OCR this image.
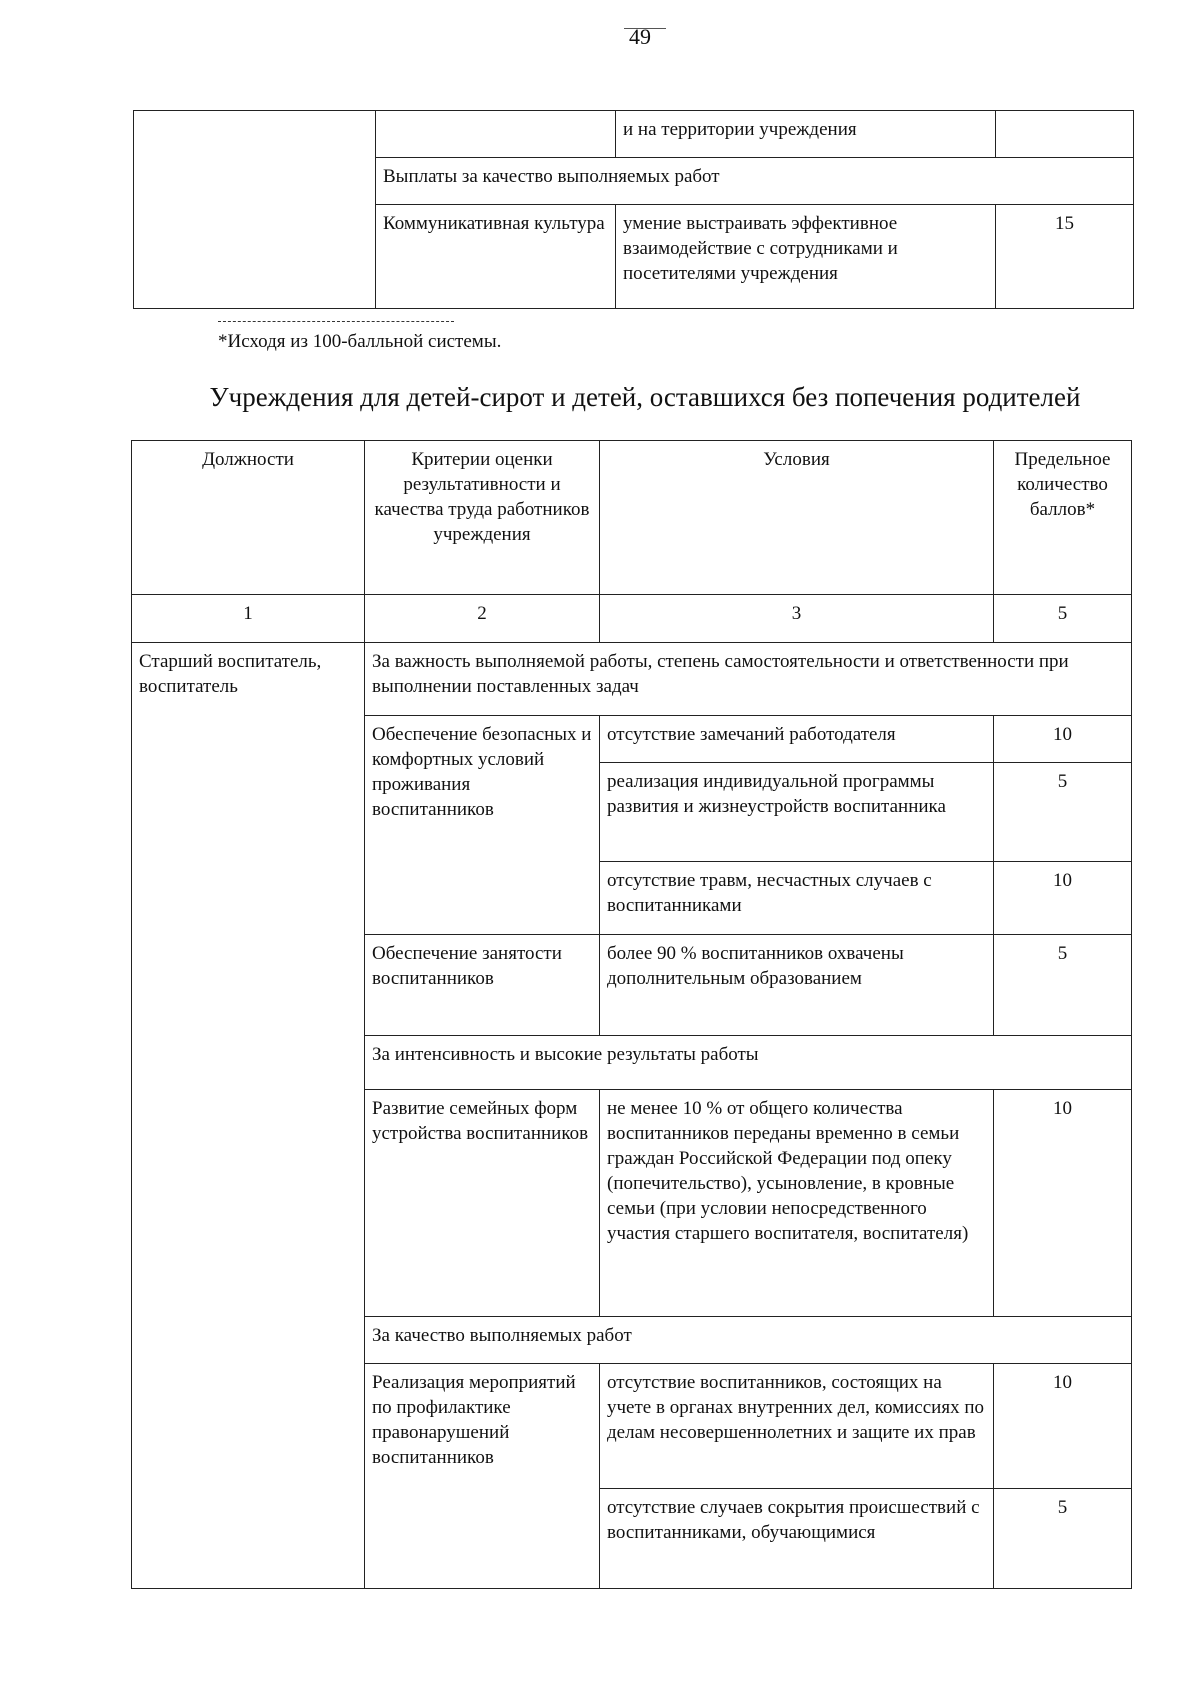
49
		и на территории учреждения	
	Выплаты за качество выполняемых работ		
	Коммуникативная культура	умение выстраивать эффективное взаимодействие с сотрудниками и посетителями учреждения	15
*Исходя из 100-балльной системы.
Учреждения для детей-сирот и детей, оставшихся без попечения родителей
Должности	Критерии оценки результативности и качества труда работников учреждения	Условия	Предельное количество баллов*
1	2	3	5
Старший воспитатель, воспитатель	За важность выполняемой работы, степень самостоятельности и ответственности при выполнении поставленных задач		
	Обеспечение безопасных и комфортных условий проживания воспитанников	отсутствие замечаний работодателя	10
		реализация индивидуальной программы развития и жизнеустройств воспитанника	5
		отсутствие травм, несчастных случаев с воспитанниками	10
	Обеспечение занятости воспитанников	более 90 % воспитанников охвачены дополнительным образованием	5
	За интенсивность и высокие результаты работы		
	Развитие семейных форм устройства воспитанников	не менее 10 % от общего количества воспитанников переданы временно в семьи граждан Российской Федерации под опеку (попечительство), усыновление, в кровные семьи (при условии непосредственного участия старшего воспитателя, воспитателя)	10
	За качество выполняемых работ		
	Реализация мероприятий по профилактике правонарушений воспитанников	отсутствие воспитанников, состоящих на учете в органах внутренних дел, комиссиях по делам несовершеннолетних и защите их прав	10
		отсутствие случаев сокрытия происшествий с воспитанниками, обучающимися	5
